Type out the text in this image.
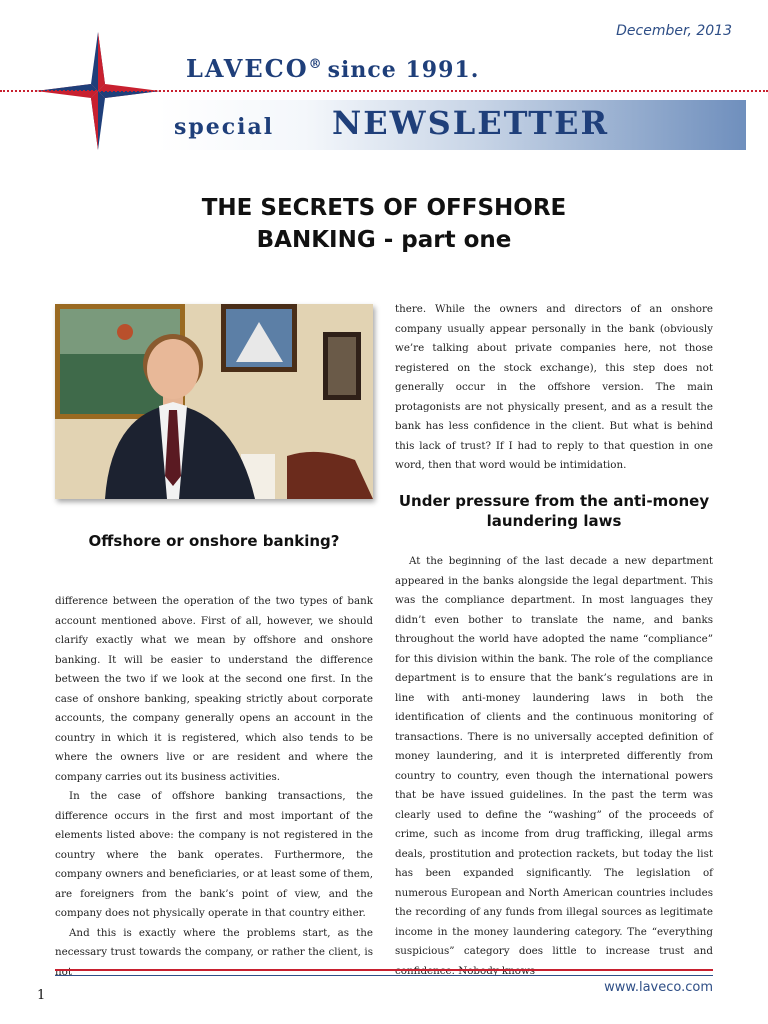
December, 2013
LAVECO® since 1991.
special NEWSLETTER
THE SECRETS OF OFFSHORE
BANKING - part one
Offshore or onshore banking?

difference between the operation of the two types of bank account mentioned above. First of all, however, we should clarify exactly what we mean by offshore and onshore banking. It will be easier to understand the difference between the two if we look at the second one first. In the case of onshore banking, speaking strictly about corporate accounts, the company generally opens an account in the country in which it is registered, which also tends to be where the owners live or are resident and where the company carries out its business activities.

In the case of offshore banking transactions, the difference occurs in the first and most important of the elements listed above: the company is not registered in the country where the bank operates. Furthermore, the company owners and beneficiaries, or at least some of them, are foreigners from the bank’s point of view, and the company does not physically operate in that country either.

And this is exactly where the problems start, as the necessary trust towards the company, or rather the client, is not

there. While the owners and directors of an onshore company usually appear personally in the bank (obviously we’re talking about private companies here, not those registered on the stock exchange), this step does not generally occur in the offshore version. The main protagonists are not physically present, and as a result the bank has less confidence in the client. But what is behind this lack of trust? If I had to reply to that question in one word, then that word would be intimidation.

Under pressure from the anti-money laundering laws

At the beginning of the last decade a new department appeared in the banks alongside the legal department. This was the compliance department. In most languages they didn’t even bother to translate the name, and banks throughout the world have adopted the name “compliance” for this division within the bank. The role of the compliance department is to ensure that the bank’s regulations are in line with anti-money laundering laws in both the identification of clients and the continuous monitoring of transactions. There is no universally accepted definition of money laundering, and it is interpreted differently from country to country, even though the international powers that be have issued guidelines. In the past the term was clearly used to define the “washing” of the proceeds of crime, such as income from drug trafficking, illegal arms deals, prostitution and protection rackets, but today the list has been expanded significantly. The legislation of numerous European and North American countries includes the recording of any funds from illegal sources as legitimate income in the money laundering category. The “everything suspicious” category does little to increase trust and confidence. Nobody knows

www.laveco.com
1
